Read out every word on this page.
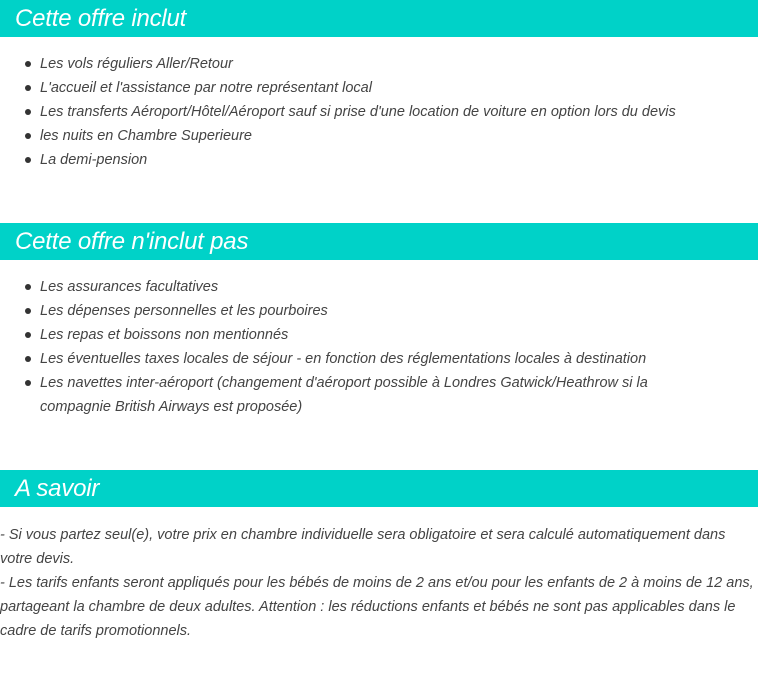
Cette offre inclut
Les vols réguliers Aller/Retour
L'accueil et l'assistance par notre représentant local
Les transferts Aéroport/Hôtel/Aéroport sauf si prise d'une location de voiture en option lors du devis
les nuits en Chambre Superieure
La demi-pension
Cette offre n'inclut pas
Les assurances facultatives
Les dépenses personnelles et les pourboires
Les repas et boissons non mentionnés
Les éventuelles taxes locales de séjour - en fonction des réglementations locales à destination
Les navettes inter-aéroport (changement d'aéroport possible à Londres Gatwick/Heathrow si la compagnie British Airways est proposée)
A savoir

- Si vous partez seul(e), votre prix en chambre individuelle sera obligatoire et sera calculé automatiquement dans votre devis.

- Les tarifs enfants seront appliqués pour les bébés de moins de 2 ans et/ou pour les enfants de 2 à moins de 12 ans, partageant la chambre de deux adultes. Attention : les réductions enfants et bébés ne sont pas applicables dans le cadre de tarifs promotionnels.
